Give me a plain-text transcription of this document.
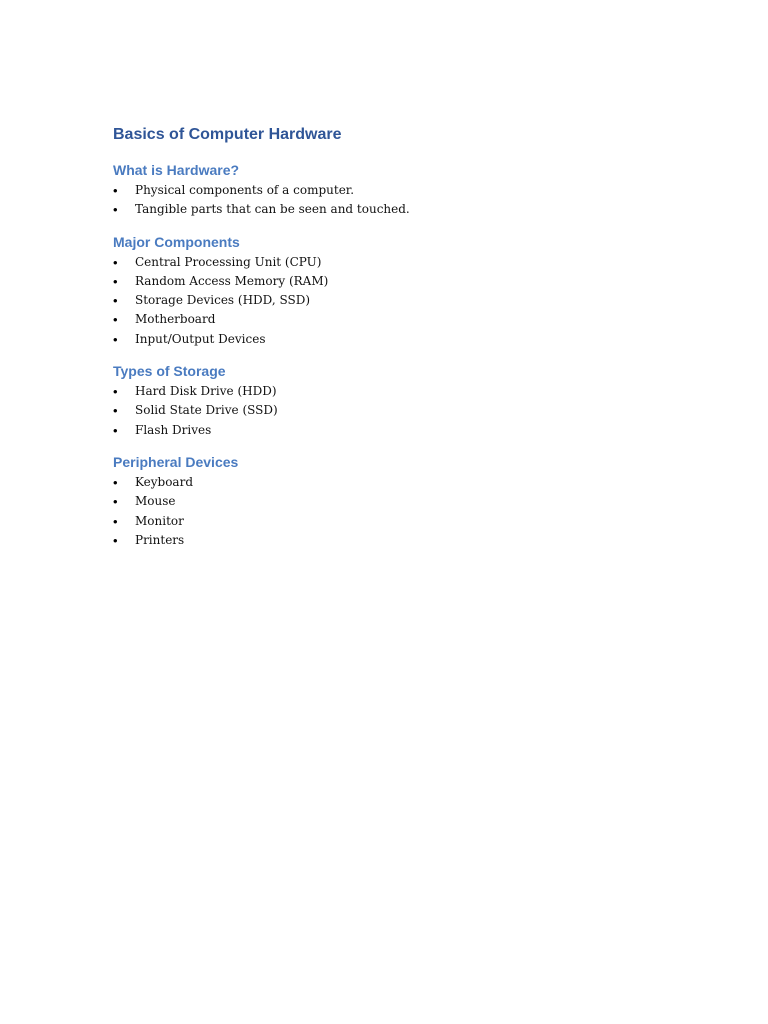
Basics of Computer Hardware
What is Hardware?
• Physical components of a computer.
• Tangible parts that can be seen and touched.
Major Components
• Central Processing Unit (CPU)
• Random Access Memory (RAM)
• Storage Devices (HDD, SSD)
• Motherboard
• Input/Output Devices
Types of Storage
• Hard Disk Drive (HDD)
• Solid State Drive (SSD)
• Flash Drives
Peripheral Devices
• Keyboard
• Mouse
• Monitor
• Printers
